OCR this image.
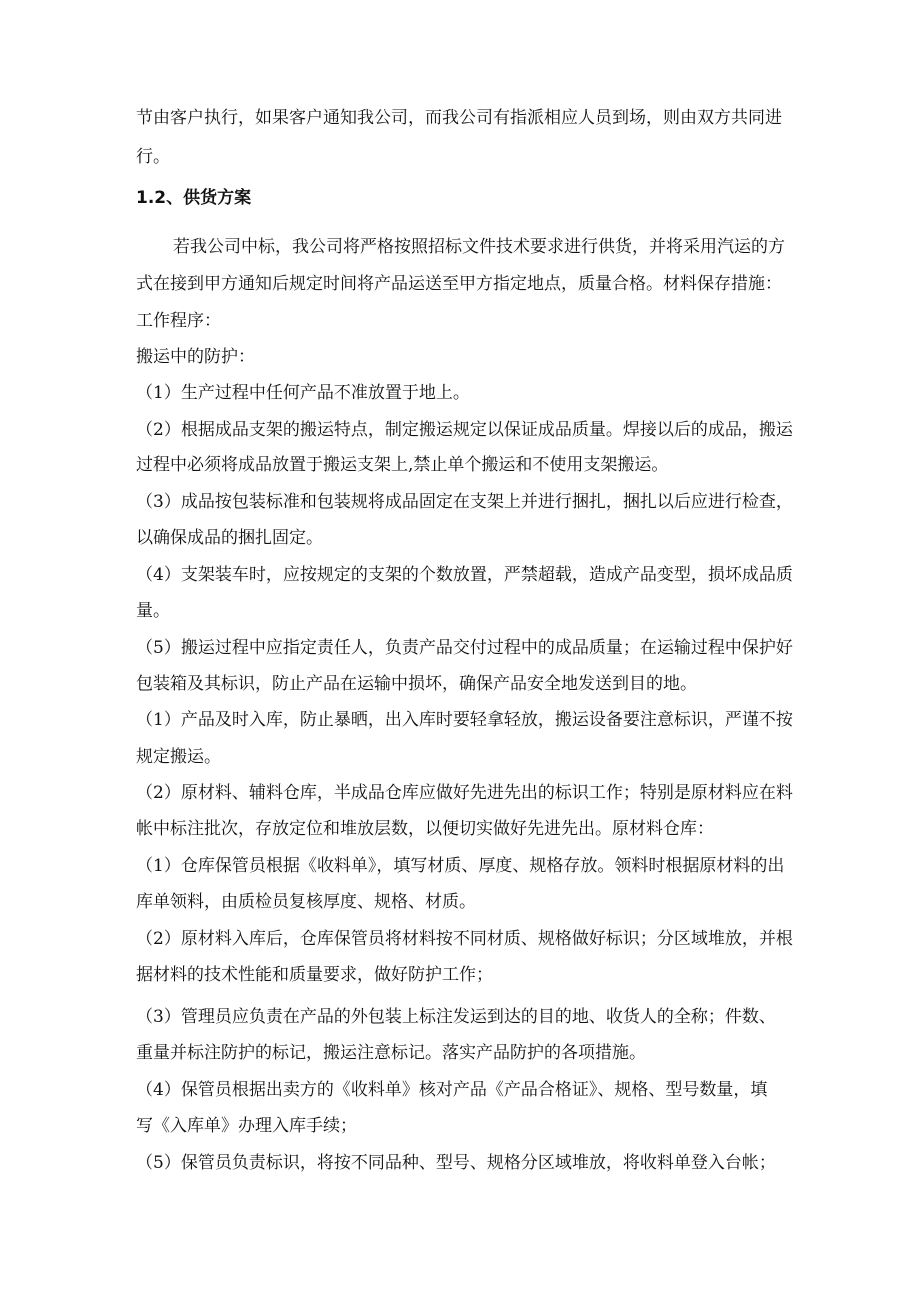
节由客户执行，如果客户通知我公司，而我公司有指派相应人员到场，则由双方共同进
行。
1.2、供货方案
若我公司中标，我公司将严格按照招标文件技术要求进行供货，并将采用汽运的方
式在接到甲方通知后规定时间将产品运送至甲方指定地点，质量合格。材料保存措施：
工作程序：
搬运中的防护：
（1）生产过程中任何产品不准放置于地上。
（2）根据成品支架的搬运特点，制定搬运规定以保证成品质量。焊接以后的成品，搬运
过程中必须将成品放置于搬运支架上,禁止单个搬运和不使用支架搬运。
（3）成品按包装标准和包装规将成品固定在支架上并进行捆扎，捆扎以后应进行检查，
以确保成品的捆扎固定。
（4）支架装车时，应按规定的支架的个数放置，严禁超载，造成产品变型，损坏成品质
量。
（5）搬运过程中应指定责任人，负责产品交付过程中的成品质量；在运输过程中保护好
包装箱及其标识，防止产品在运输中损坏，确保产品安全地发送到目的地。
（1）产品及时入库，防止暴晒，出入库时要轻拿轻放，搬运设备要注意标识，严谨不按
规定搬运。
（2）原材料、辅料仓库，半成品仓库应做好先进先出的标识工作；特别是原材料应在料
帐中标注批次，存放定位和堆放层数，以便切实做好先进先出。原材料仓库：
（1）仓库保管员根据《收料单》，填写材质、厚度、规格存放。领料时根据原材料的出
库单领料，由质检员复核厚度、规格、材质。
（2）原材料入库后，仓库保管员将材料按不同材质、规格做好标识；分区域堆放，并根
据材料的技术性能和质量要求，做好防护工作；
（3）管理员应负责在产品的外包装上标注发运到达的目的地、收货人的全称；件数、
重量并标注防护的标记，搬运注意标记。落实产品防护的各项措施。
（4）保管员根据出卖方的《收料单》核对产品《产品合格证》、规格、型号数量，填
写《入库单》办理入库手续；
（5）保管员负责标识，将按不同品种、型号、规格分区域堆放，将收料单登入台帐；
